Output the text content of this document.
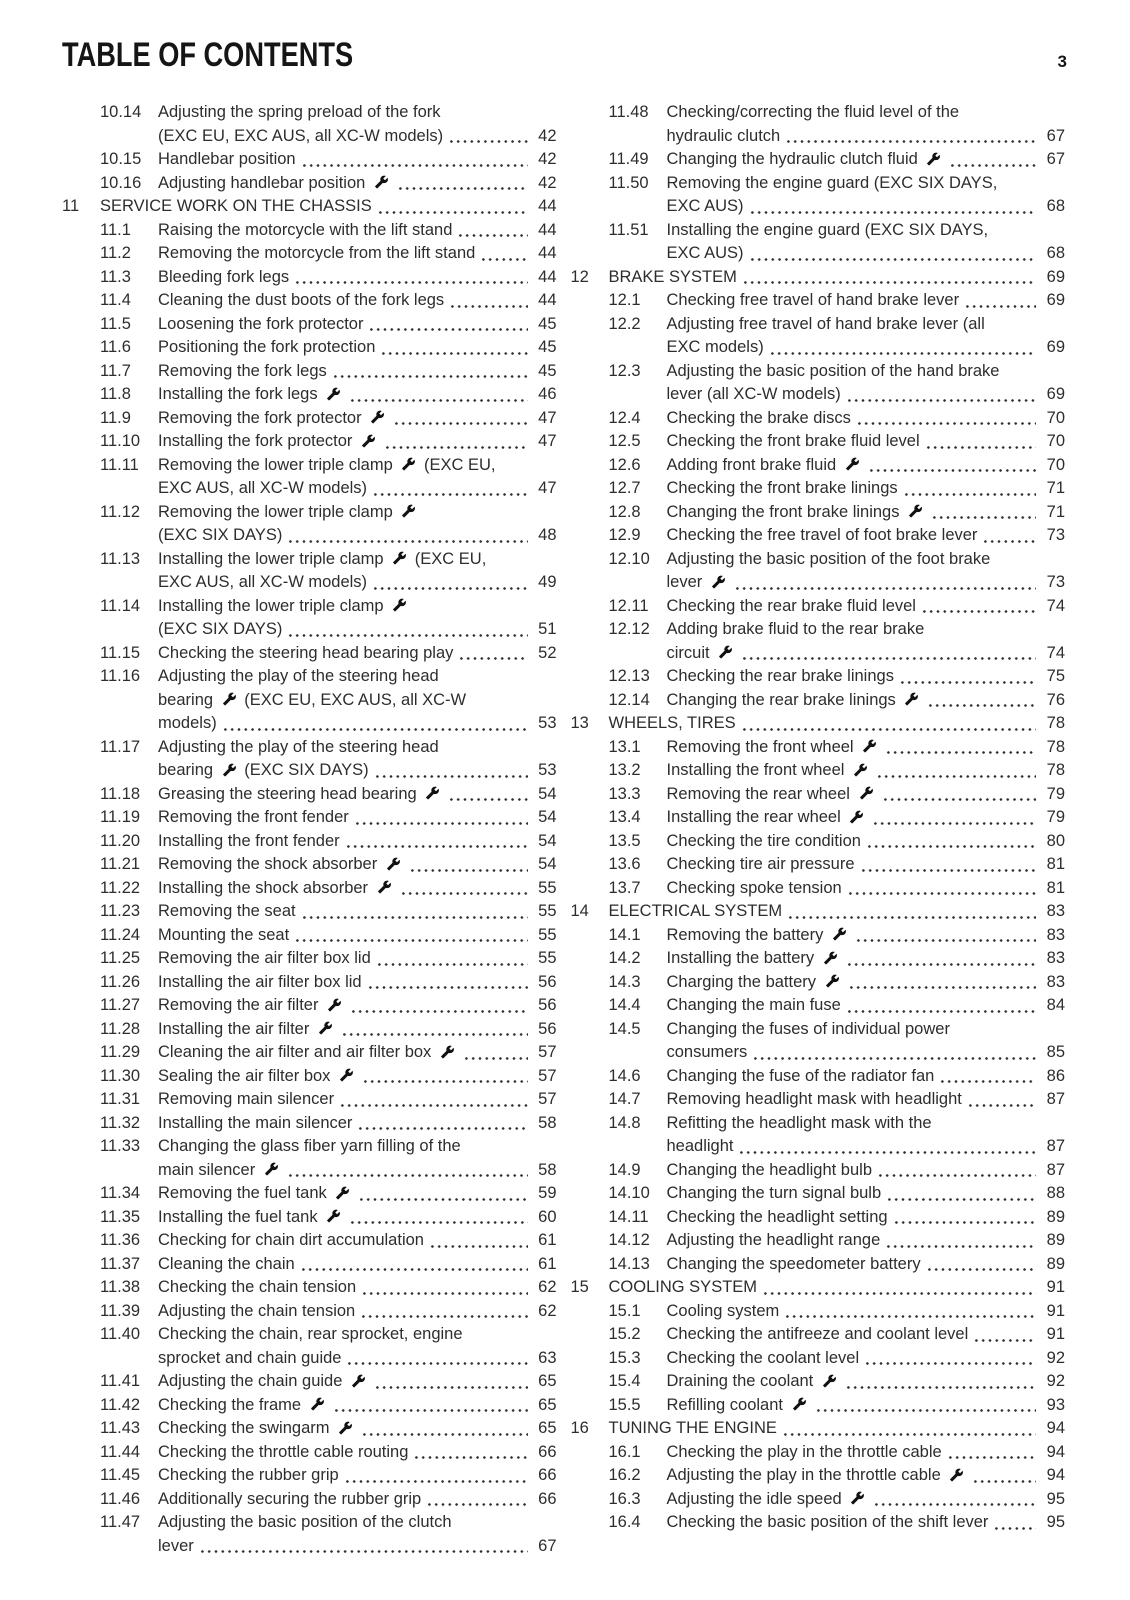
TABLE OF CONTENTS	3
10.14	Adjusting the spring preload of the fork
(EXC EU, EXC AUS, all XC-W models)	42
10.15	Handlebar position	42
10.16	Adjusting handlebar position	42
11	SERVICE WORK ON THE CHASSIS	44
11.1	Raising the motorcycle with the lift stand	44
11.2	Removing the motorcycle from the lift stand	44
11.3	Bleeding fork legs	44
11.4	Cleaning the dust boots of the fork legs	44
11.5	Loosening the fork protector	45
11.6	Positioning the fork protection	45
11.7	Removing the fork legs	45
11.8	Installing the fork legs	46
11.9	Removing the fork protector	47
11.10	Installing the fork protector	47
11.11	Removing the lower triple clamp
(EXC EU,
EXC AUS, all XC-W models)	47
11.12	Removing the lower triple clamp
(EXC SIX DAYS)	48
11.13	Installing the lower triple clamp
(EXC EU,
EXC AUS, all XC-W models)	49
11.14	Installing the lower triple clamp
(EXC SIX DAYS)	51
11.15	Checking the steering head bearing play	52
11.16	Adjusting the play of the steering head
bearing
(EXC EU, EXC AUS, all XC-W
models)	53
11.17	Adjusting the play of the steering head
bearing
(EXC SIX DAYS)	53
11.18	Greasing the steering head bearing	54
11.19	Removing the front fender	54
11.20	Installing the front fender	54
11.21	Removing the shock absorber	54
11.22	Installing the shock absorber	55
11.23	Removing the seat	55
11.24	Mounting the seat	55
11.25	Removing the air filter box lid	55
11.26	Installing the air filter box lid	56
11.27	Removing the air filter	56
11.28	Installing the air filter	56
11.29	Cleaning the air filter and air filter box	57
11.30	Sealing the air filter box	57
11.31	Removing main silencer	57
11.32	Installing the main silencer	58
11.33	Changing the glass fiber yarn filling of the
main silencer	58
11.34	Removing the fuel tank	59
11.35	Installing the fuel tank	60
11.36	Checking for chain dirt accumulation	61
11.37	Cleaning the chain	61
11.38	Checking the chain tension	62
11.39	Adjusting the chain tension	62
11.40	Checking the chain, rear sprocket, engine
sprocket and chain guide	63
11.41	Adjusting the chain guide	65
11.42	Checking the frame	65
11.43	Checking the swingarm	65
11.44	Checking the throttle cable routing	66
11.45	Checking the rubber grip	66
11.46	Additionally securing the rubber grip	66
11.47	Adjusting the basic position of the clutch
lever	67
11.48	Checking/correcting the fluid level of the
hydraulic clutch	67
11.49	Changing the hydraulic clutch fluid	67
11.50	Removing the engine guard (EXC SIX DAYS,
EXC AUS)	68
11.51	Installing the engine guard (EXC SIX DAYS,
EXC AUS)	68
12	BRAKE SYSTEM	69
12.1	Checking free travel of hand brake lever	69
12.2	Adjusting free travel of hand brake lever (all
EXC models)	69
12.3	Adjusting the basic position of the hand brake
lever (all XC-W models)	69
12.4	Checking the brake discs	70
12.5	Checking the front brake fluid level	70
12.6	Adding front brake fluid	70
12.7	Checking the front brake linings	71
12.8	Changing the front brake linings	71
12.9	Checking the free travel of foot brake lever	73
12.10	Adjusting the basic position of the foot brake
lever	73
12.11	Checking the rear brake fluid level	74
12.12	Adding brake fluid to the rear brake
circuit	74
12.13	Checking the rear brake linings	75
12.14	Changing the rear brake linings	76
13	WHEELS, TIRES	78
13.1	Removing the front wheel	78
13.2	Installing the front wheel	78
13.3	Removing the rear wheel	79
13.4	Installing the rear wheel	79
13.5	Checking the tire condition	80
13.6	Checking tire air pressure	81
13.7	Checking spoke tension	81
14	ELECTRICAL SYSTEM	83
14.1	Removing the battery	83
14.2	Installing the battery	83
14.3	Charging the battery	83
14.4	Changing the main fuse	84
14.5	Changing the fuses of individual power
consumers	85
14.6	Changing the fuse of the radiator fan	86
14.7	Removing headlight mask with headlight	87
14.8	Refitting the headlight mask with the
headlight	87
14.9	Changing the headlight bulb	87
14.10	Changing the turn signal bulb	88
14.11	Checking the headlight setting	89
14.12	Adjusting the headlight range	89
14.13	Changing the speedometer battery	89
15	COOLING SYSTEM	91
15.1	Cooling system	91
15.2	Checking the antifreeze and coolant level	91
15.3	Checking the coolant level	92
15.4	Draining the coolant	92
15.5	Refilling coolant	93
16	TUNING THE ENGINE	94
16.1	Checking the play in the throttle cable	94
16.2	Adjusting the play in the throttle cable	94
16.3	Adjusting the idle speed	95
16.4	Checking the basic position of the shift lever	95
